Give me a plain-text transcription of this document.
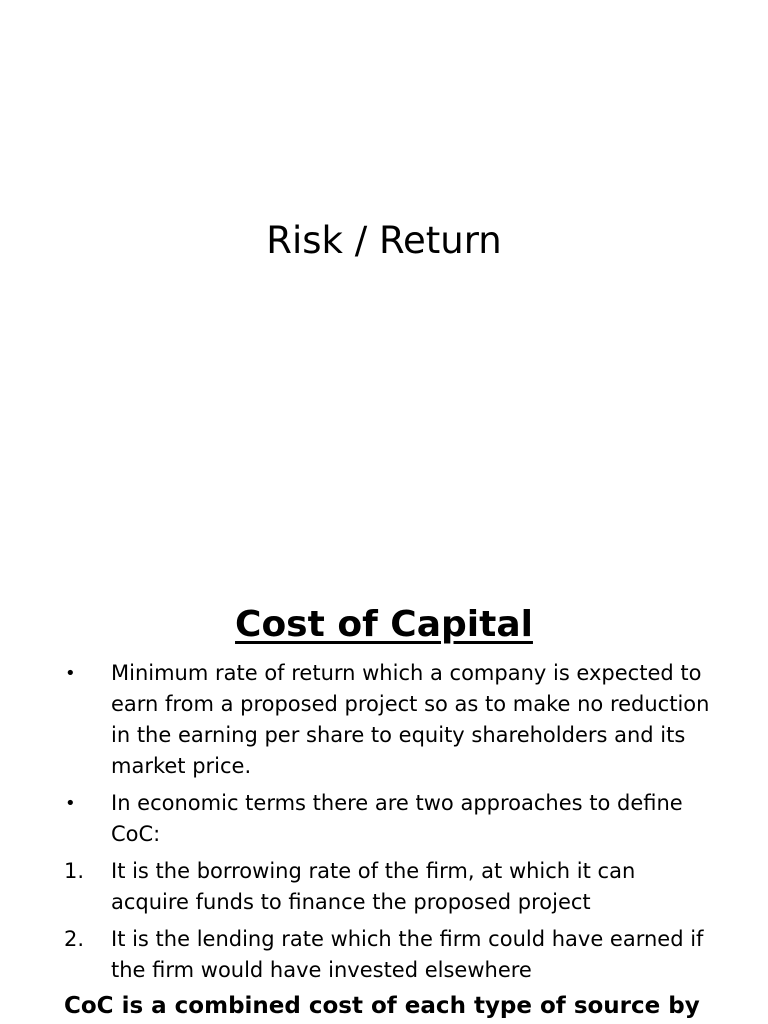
Risk / Return
Cost of Capital
•	Minimum rate of return which a company is expected to earn from a proposed project so as to make no reduction in the earning per share to equity shareholders and its market price.
•	In economic terms there are two approaches to define CoC:
1.	It is the borrowing rate of the firm, at which it can acquire funds to finance the proposed project
2.	It is the lending rate which the firm could have earned if the firm would have invested elsewhere

CoC is a combined cost of each type of source by
